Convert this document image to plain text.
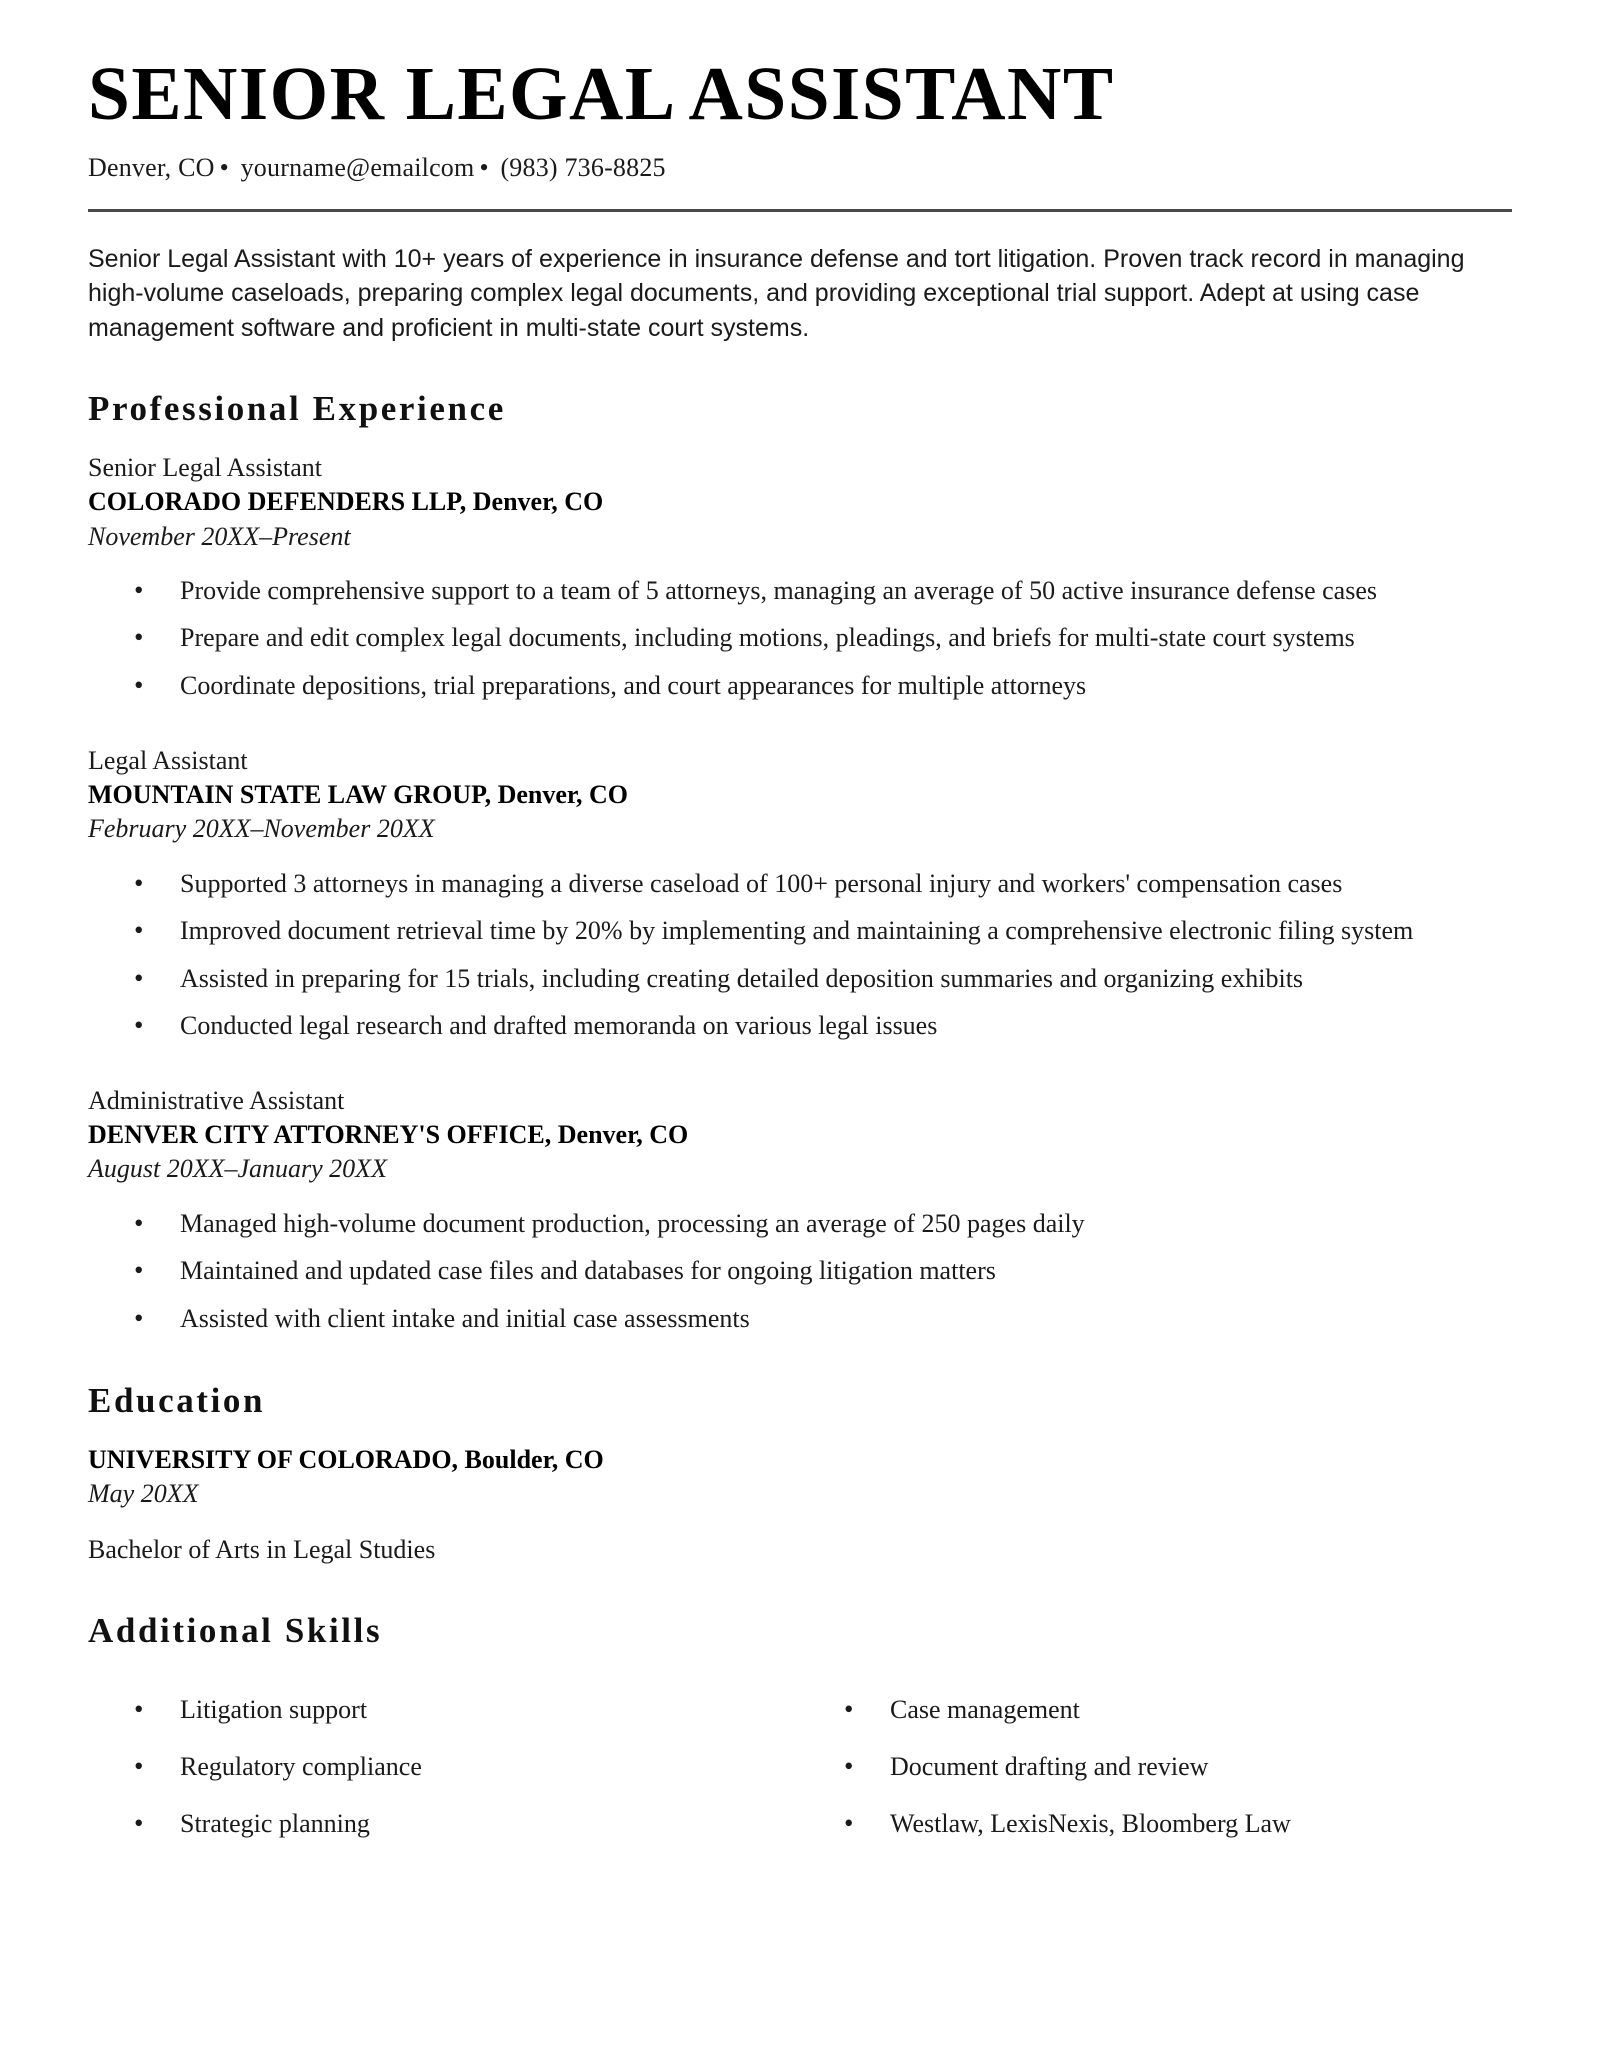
SENIOR LEGAL ASSISTANT
Denver, CO • yourname@emailcom • (983) 736-8825

Senior Legal Assistant with 10+ years of experience in insurance defense and tort litigation. Proven track record in managing high-volume caseloads, preparing complex legal documents, and providing exceptional trial support. Adept at using case management software and proficient in multi-state court systems.

Professional Experience
Senior Legal Assistant
COLORADO DEFENDERS LLP, Denver, CO
November 20XX–Present
• Provide comprehensive support to a team of 5 attorneys, managing an average of 50 active insurance defense cases
• Prepare and edit complex legal documents, including motions, pleadings, and briefs for multi-state court systems
• Coordinate depositions, trial preparations, and court appearances for multiple attorneys
Legal Assistant
MOUNTAIN STATE LAW GROUP, Denver, CO
February 20XX–November 20XX
• Supported 3 attorneys in managing a diverse caseload of 100+ personal injury and workers' compensation cases
• Improved document retrieval time by 20% by implementing and maintaining a comprehensive electronic filing system
• Assisted in preparing for 15 trials, including creating detailed deposition summaries and organizing exhibits
• Conducted legal research and drafted memoranda on various legal issues
Administrative Assistant
DENVER CITY ATTORNEY'S OFFICE, Denver, CO
August 20XX–January 20XX
• Managed high-volume document production, processing an average of 250 pages daily
• Maintained and updated case files and databases for ongoing litigation matters
• Assisted with client intake and initial case assessments
Education
UNIVERSITY OF COLORADO, Boulder, CO
May 20XX
Bachelor of Arts in Legal Studies
Additional Skills
• Litigation support
• Regulatory compliance
• Strategic planning
• Case management
• Document drafting and review
• Westlaw, LexisNexis, Bloomberg Law
